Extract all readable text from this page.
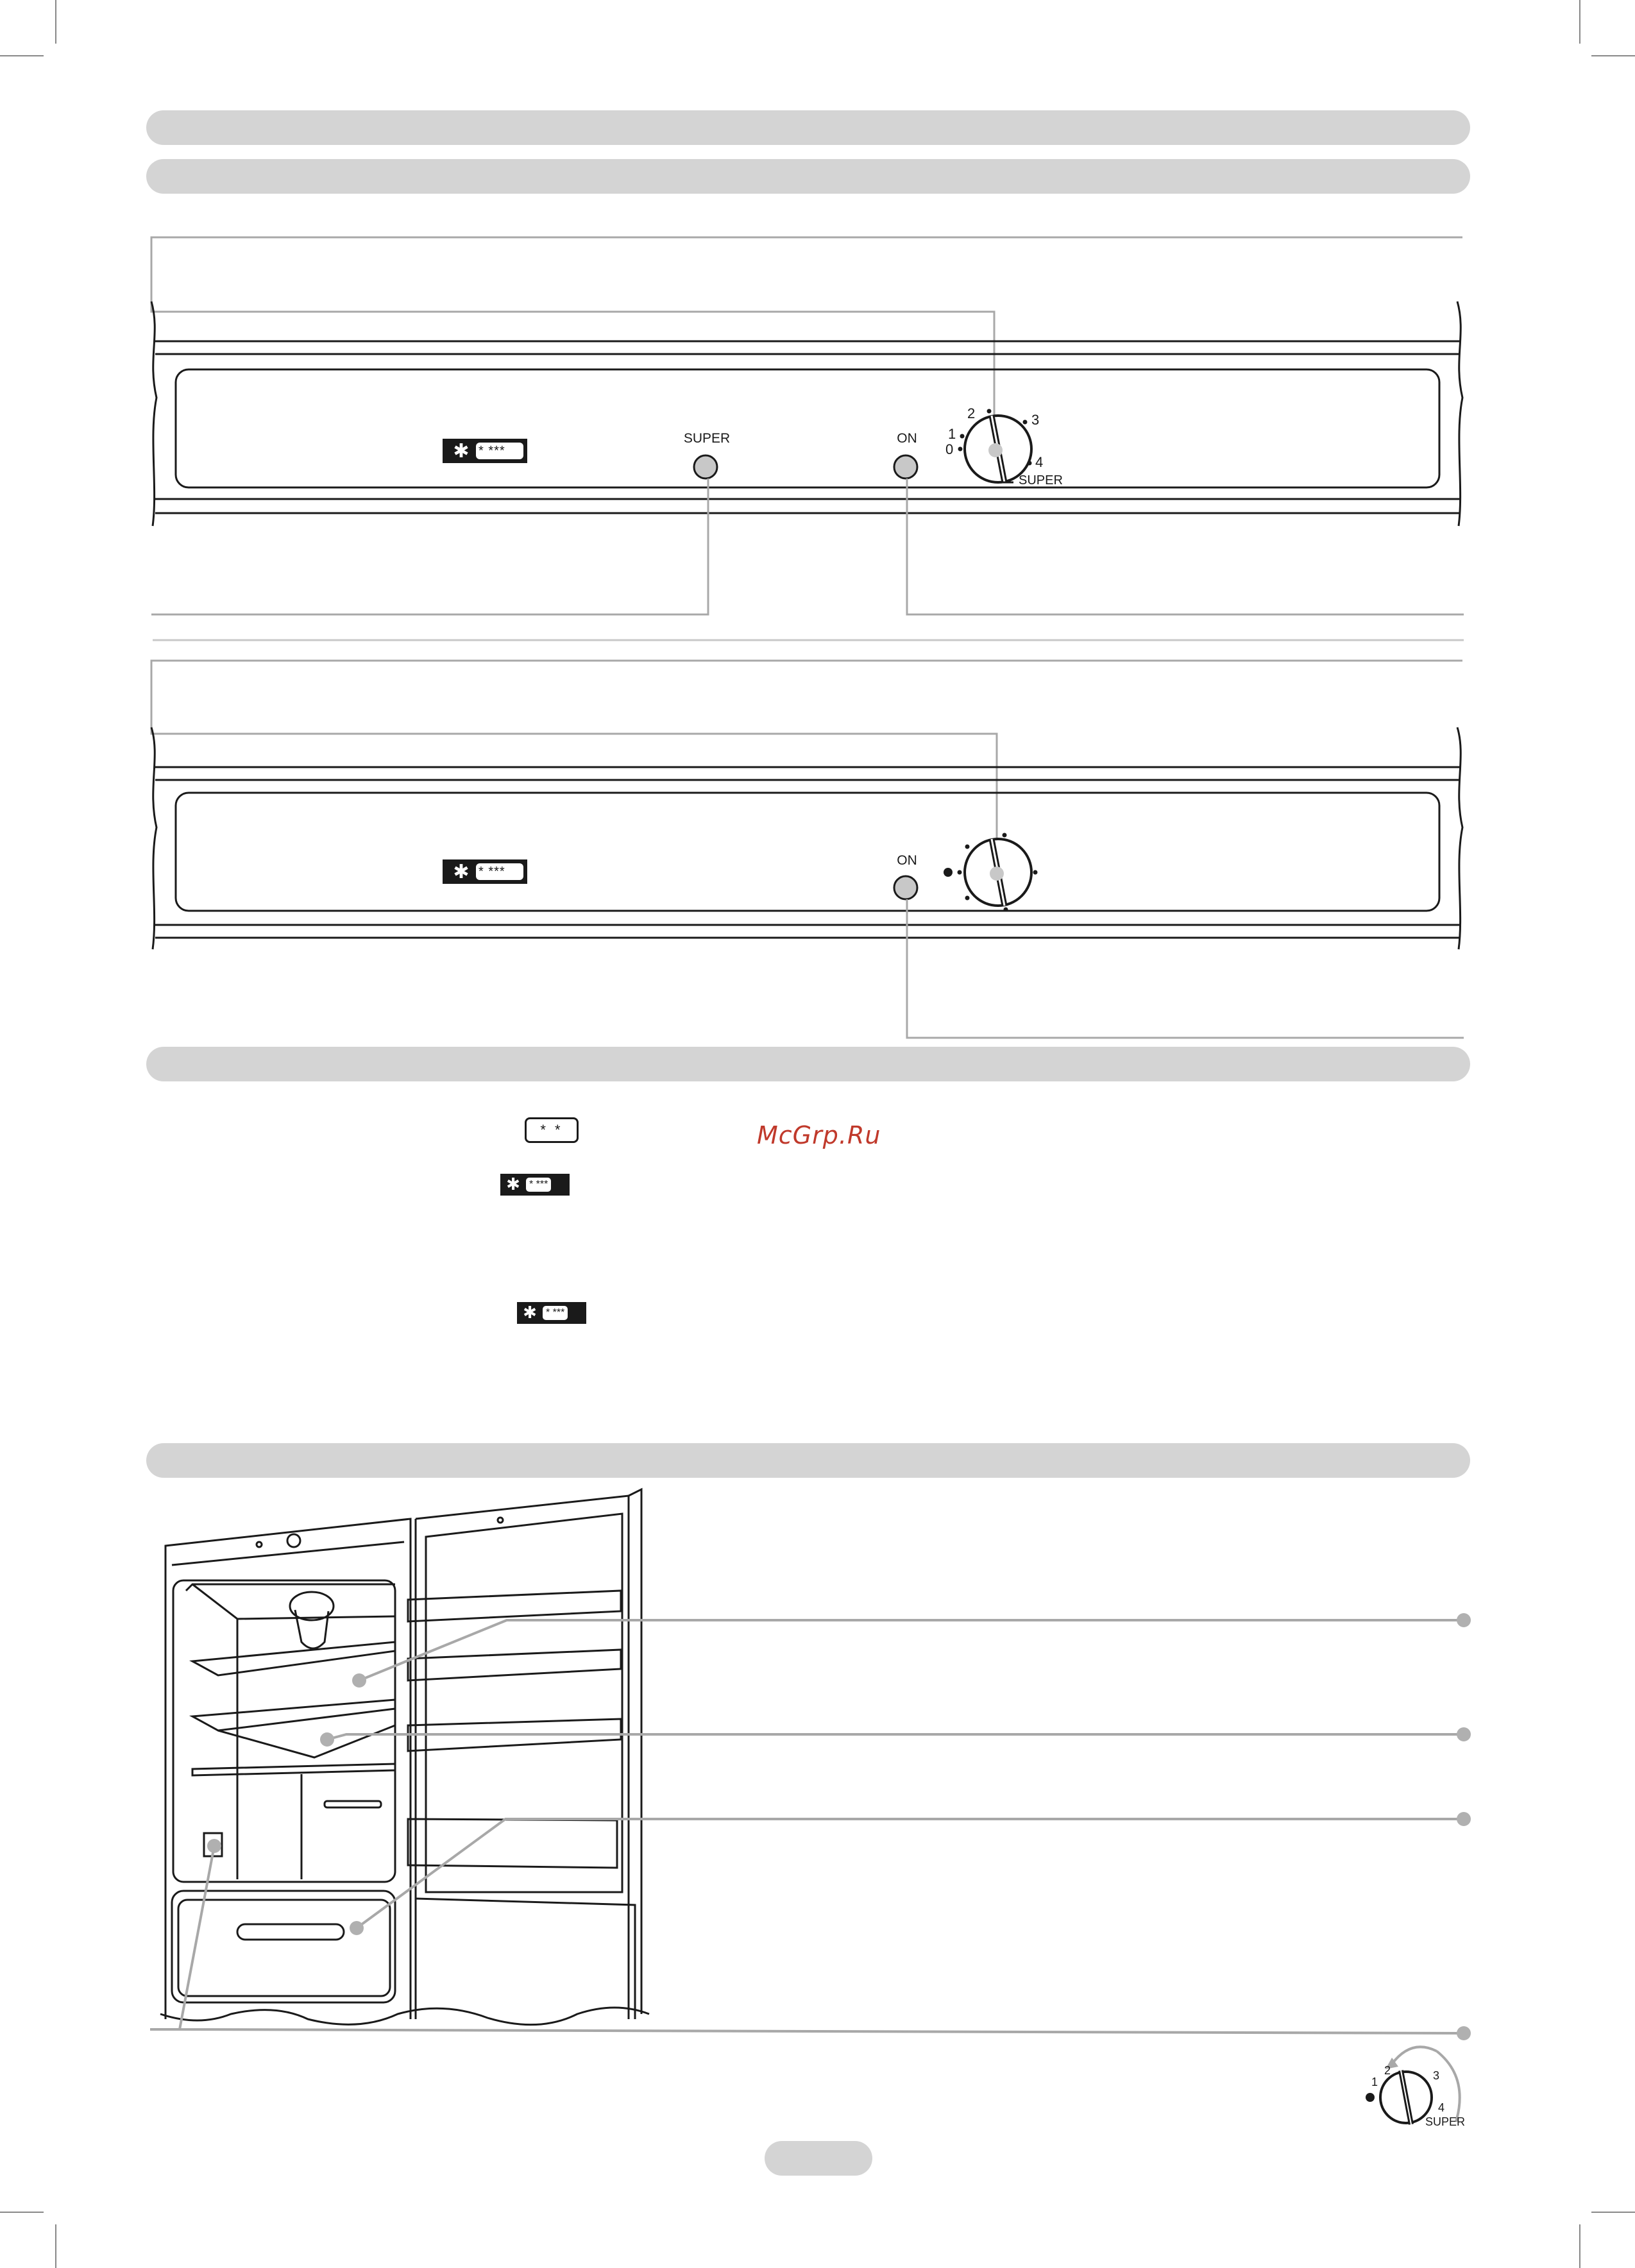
✱ * ***
SUPER	ON
0
1
2	3
4
SUPER
✱ * ***
ON
* *
✱ * ***
✱ * ***
McGrp.Ru
1
2	3
4
SUPER
